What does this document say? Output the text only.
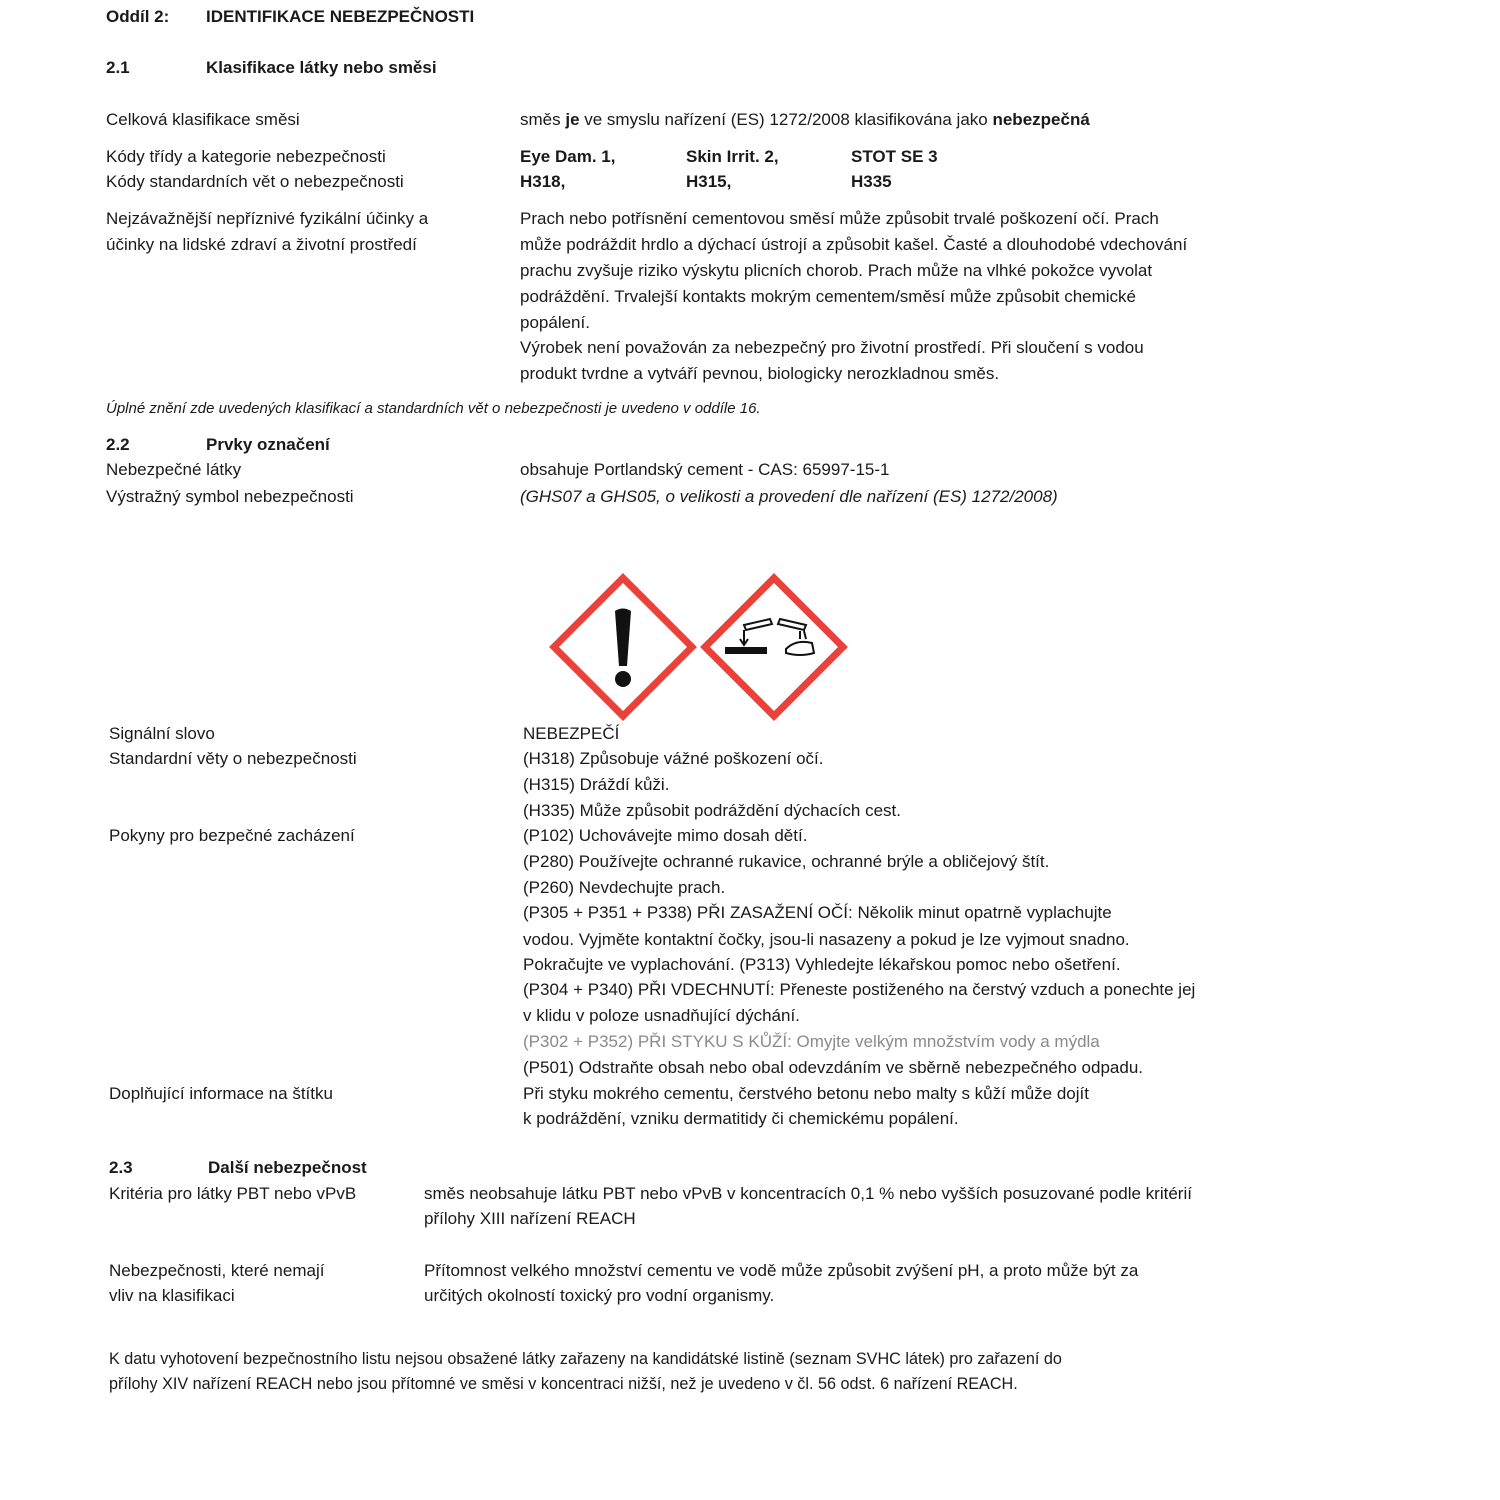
Oddíl 2: IDENTIFIKACE NEBEZPEČNOSTI
2.1	Klasifikace látky nebo směsi
Celková klasifikace směsi	směs je ve smyslu nařízení (ES) 1272/2008 klasifikována jako nebezpečná
Kódy třídy a kategorie nebezpečnosti
Kódy standardních vět o nebezpečnosti
Eye Dam. 1,	Skin Irrit. 2,	STOT SE 3
H318,	H315,	H335
Nejzávažnější nepříznivé fyzikální účinky a
účinky na lidské zdraví a životní prostředí
Prach nebo potřísnění cementovou směsí může způsobit trvalé poškození očí. Prach
může podráždit hrdlo a dýchací ústrojí a způsobit kašel. Časté a dlouhodobé vdechování
prachu zvyšuje riziko výskytu plicních chorob. Prach může na vlhké pokožce vyvolat
podráždění. Trvalejší kontakts mokrým cementem/směsí může způsobit chemické
popálení.
Výrobek není považován za nebezpečný pro životní prostředí. Při sloučení s vodou
produkt tvrdne a vytváří pevnou, biologicky nerozkladnou směs.
Úplné znění zde uvedených klasifikací a standardních vět o nebezpečnosti je uvedeno v oddíle 16.
2.2	Prvky označení
Nebezpečné látky	obsahuje Portlandský cement - CAS: 65997-15-1
Výstražný symbol nebezpečnosti	(GHS07 a GHS05, o velikosti a provedení dle nařízení (ES) 1272/2008)
Signální slovo	NEBEZPEČÍ
Standardní věty o nebezpečnosti	(H318) Způsobuje vážné poškození očí.
(H315) Dráždí kůži.
(H335) Může způsobit podráždění dýchacích cest.
Pokyny pro bezpečné zacházení	(P102) Uchovávejte mimo dosah dětí.
(P280) Používejte ochranné rukavice, ochranné brýle a obličejový štít.
(P260) Nevdechujte prach.
(P305 + P351 + P338) PŘI ZASAŽENÍ OČÍ: Několik minut opatrně vyplachujte
vodou. Vyjměte kontaktní čočky, jsou-li nasazeny a pokud je lze vyjmout snadno.
Pokračujte ve vyplachování. (P313) Vyhledejte lékařskou pomoc nebo ošetření.
(P304 + P340) PŘI VDECHNUTÍ: Přeneste postiženého na čerstvý vzduch a ponechte jej
v klidu v poloze usnadňující dýchání.
(P302 + P352) PŘI STYKU S KŮŽÍ: Omyjte velkým množstvím vody a mýdla
(P501) Odstraňte obsah nebo obal odevzdáním ve sběrně nebezpečného odpadu.
Doplňující informace na štítku	Při styku mokrého cementu, čerstvého betonu nebo malty s kůží může dojít
k podráždění, vzniku dermatitidy či chemickému popálení.
2.3	Další nebezpečnost
Kritéria pro látky PBT nebo vPvB	směs neobsahuje látku PBT nebo vPvB v koncentracích 0,1 % nebo vyšších posuzované podle kritérií
přílohy XIII nařízení REACH
Nebezpečnosti, které nemají
vliv na klasifikaci
Přítomnost velkého množství cementu ve vodě může způsobit zvýšení pH, a proto může být za
určitých okolností toxický pro vodní organismy.
K datu vyhotovení bezpečnostního listu nejsou obsažené látky zařazeny na kandidátské listině (seznam SVHC látek) pro zařazení do
přílohy XIV nařízení REACH nebo jsou přítomné ve směsi v koncentraci nižší, než je uvedeno v čl. 56 odst. 6 nařízení REACH.
